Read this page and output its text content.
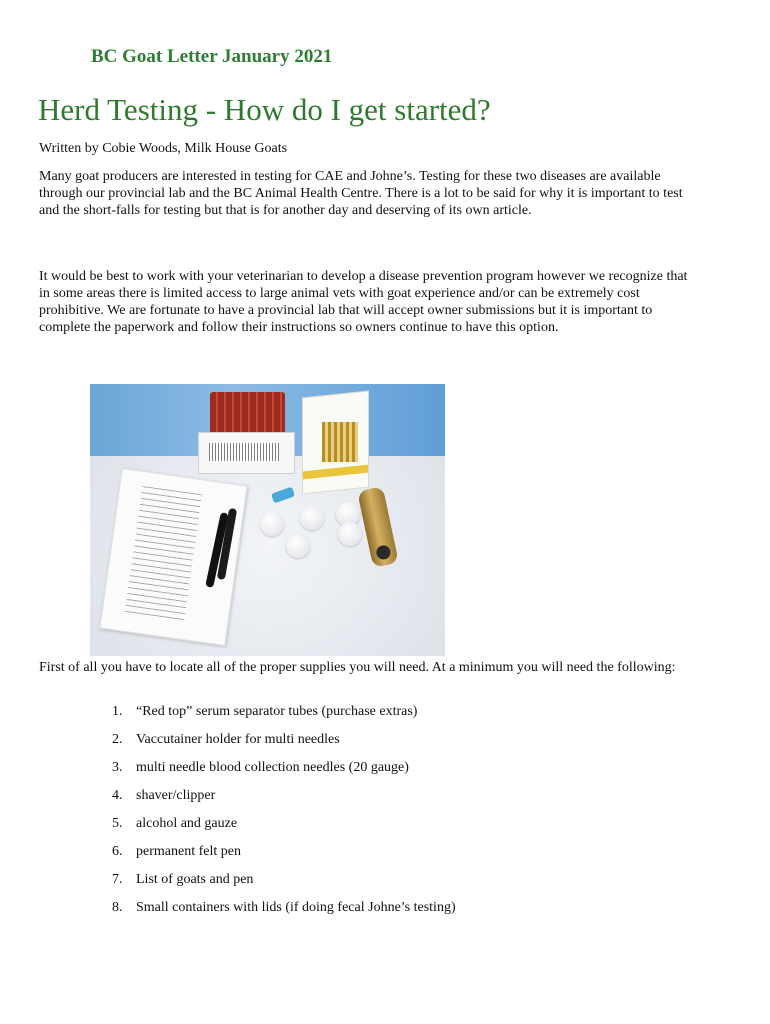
BC Goat Letter January 2021
Herd Testing - How do I get started?
Written by Cobie Woods, Milk House Goats

Many goat producers are interested in testing for CAE and Johne’s. Testing for these two diseases are available through our provincial lab and the BC Animal Health Centre. There is a lot to be said for why it is important to test and the short-falls for testing but that is for another day and deserving of its own article.

It would be best to work with your veterinarian to develop a disease prevention program however we recognize that in some areas there is limited access to large animal vets with goat experience and/or can be extremely cost prohibitive. We are fortunate to have a provincial lab that will accept owner submissions but it is important to complete the paperwork and follow their instructions so owners continue to have this option.

First of all you have to locate all of the proper supplies you will need. At a minimum you will need the following:

1. “Red top” serum separator tubes (purchase extras)
2. Vaccutainer holder for multi needles
3. multi needle blood collection needles (20 gauge)
4. shaver/clipper
5. alcohol and gauze
6. permanent felt pen
7. List of goats and pen
8. Small containers with lids (if doing fecal Johne’s testing)
